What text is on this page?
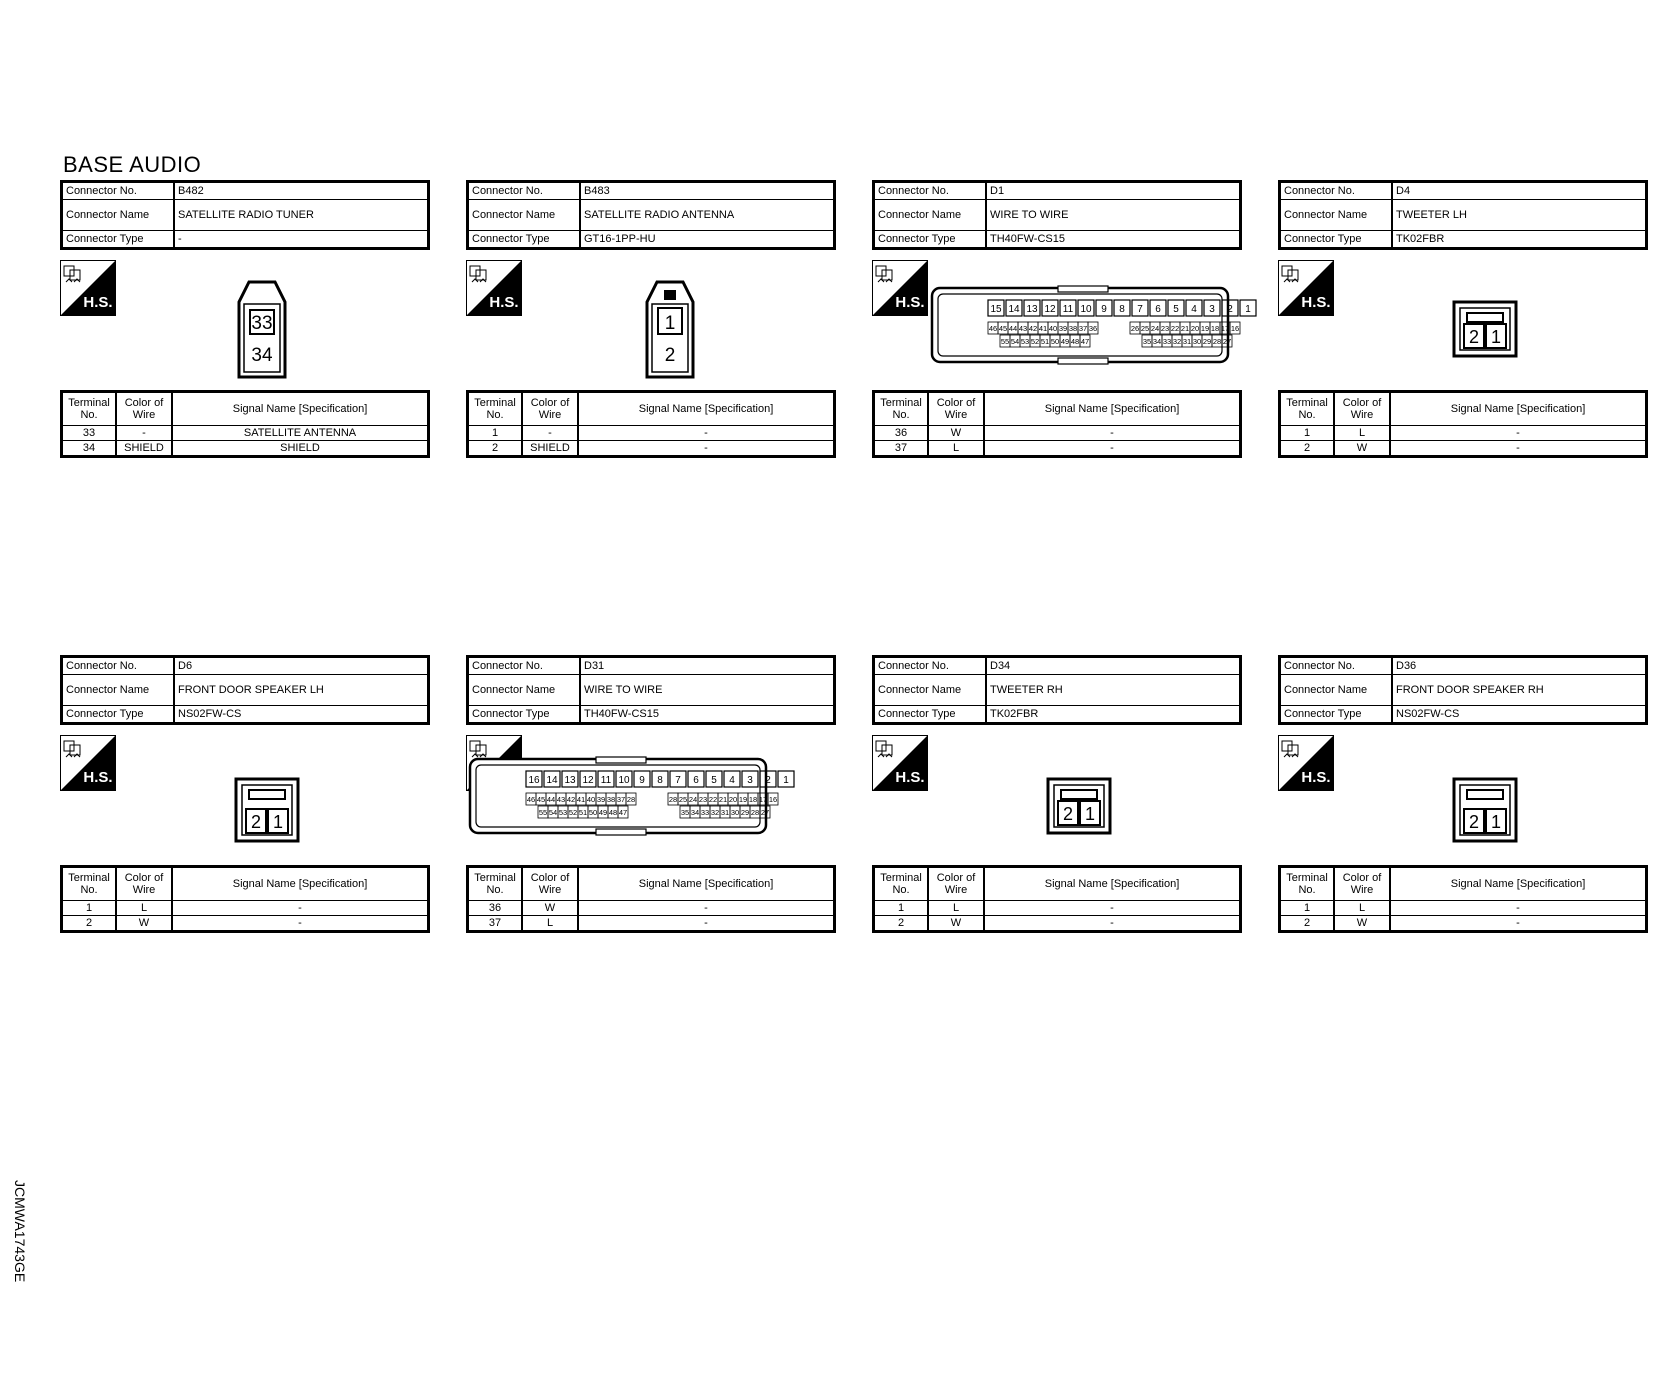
BASE AUDIO
JCMWA1743GE
Connector No.	B482
Connector Name	SATELLITE RADIO TUNER
Connector Type	-
H.S.
33
34
Terminal No.	Color of Wire	Signal Name [Specification]
33	-	SATELLITE ANTENNA
34	SHIELD	SHIELD
Connector No.	B483
Connector Name	SATELLITE RADIO ANTENNA
Connector Type	GT16-1PP-HU
H.S.
1
2
Terminal No.	Color of Wire	Signal Name [Specification]
1	-	-
2	SHIELD	-
Connector No.	D1
Connector Name	WIRE TO WIRE
Connector Type	TH40FW-CS15
H.S.	15 14 13 12 11 10 9 8 7 6 5 4 3 2 1
46 45 44 43 42 41 40 39 38 37 36	26 25 24 23 22 21 20 19 18 17 16
55 54 53 52 51 50 49 48 47	35 34 33 32 31 30 29 28 27
Terminal No.	Color of Wire	Signal Name [Specification]
36	W	-
37	L	-
Connector No.	D4
Connector Name	TWEETER LH
Connector Type	TK02FBR
H.S.
2 1
Terminal No.	Color of Wire	Signal Name [Specification]
1	L	-
2	W	-
Connector No.	D6
Connector Name	FRONT DOOR SPEAKER LH
Connector Type	NS02FW-CS
H.S.
2 1
Terminal No.	Color of Wire	Signal Name [Specification]
1	L	-
2	W	-
Connector No.	D31
Connector Name	WIRE TO WIRE
Connector Type	TH40FW-CS15
16 14 13 12 11 10 9 8 7 6 5 4 3 2 1
46 45 44 43 42 41 40 39 38 37 28	28 25 24 23 22 21 20 19 18 17 16
55 54 53 52 51 50 49 48 47	35 34 33 32 31 30 29 28 27
Terminal No.	Color of Wire	Signal Name [Specification]
36	W	-
37	L	-
Connector No.	D34
Connector Name	TWEETER RH
Connector Type	TK02FBR
H.S.
2 1
Terminal No.	Color of Wire	Signal Name [Specification]
1	L	-
2	W	-
Connector No.	D36
Connector Name	FRONT DOOR SPEAKER RH
Connector Type	NS02FW-CS
H.S.
2 1
Terminal No.	Color of Wire	Signal Name [Specification]
1	L	-
2	W	-
